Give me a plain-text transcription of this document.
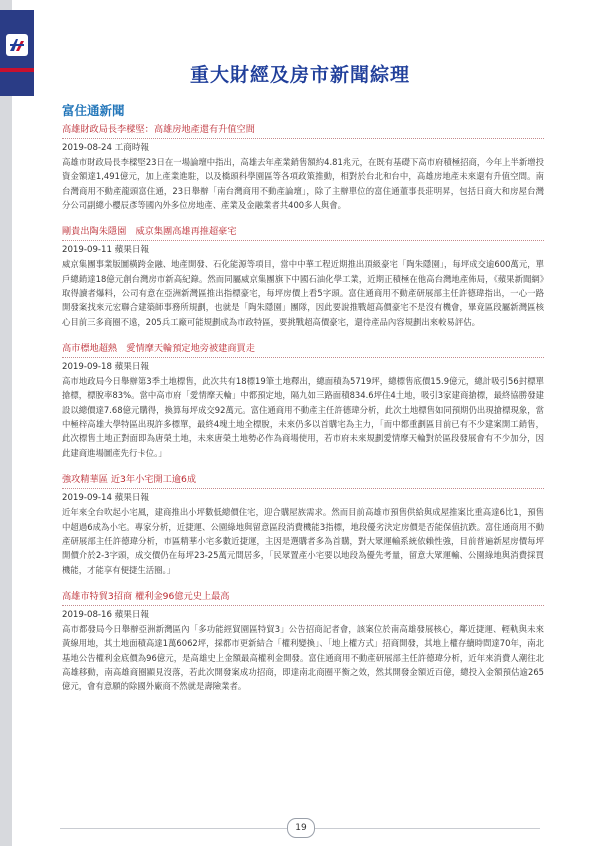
重大財經及房市新聞綜理
富住通新聞
高雄財政局長李樑堅：高雄房地產還有升值空間
2019-08-24 工商時報
高雄市財政局長李樑堅23日在一場論壇中指出，高雄去年產業銷售額約4.81兆元，在既有基礎下高市府積極招商，今年上半新增投資金額達1,491億元，加上產業進駐，以及橋頭科學園區等各項政策推動，相對於台北和台中，高雄房地產未來還有升值空間。南台灣商用不動產龍頭富住通，23日舉辦「南台灣商用不動產論壇」，除了主辦單位的富住通董事長莊明昇，包括日商大和房屋台灣分公司副總小櫻辰彥等國內外多位房地產、產業及金融業者共400多人與會。
剛貴出陶朱隱園　威京集團高雄再推超豪宅
2019-09-11 蘋果日報
威京集團事業版圖橫跨金融、地產開發、石化能源等項目，當中中華工程近期推出頂級豪宅「陶朱隱園」，每坪成交逾600萬元，單戶總銷達18億元創台灣房市新高紀錄。然而同屬威京集團旗下中國石油化學工業，近期正積極在他高台灣地產佈局，《蘋果新聞網》取得讀者爆料，公司有意在亞洲新灣區推出指標豪宅，每坪房價上看5字頭。富住通商用不動產研展部主任許德瑋指出，一心一路開發案找來元宏聯合建築師事務所規劃，也就是「陶朱隱園」團隊，因此要說推戰超高價豪宅不是沒有機會，畢竟區段屬新灣區核心目前三多商圈不遠，205兵工廠可能規劃成為市政特區，要挑戰超高價豪宅，還待產品內容規劃出來較易評估。
高市標地超熱　愛情摩天輪預定地旁被建商買走
2019-09-18 蘋果日報
高市地政局今日舉辦第3季土地標售，此次共有18標19筆土地釋出，總面積為5719坪，總標售底價15.9億元，總計吸引56封標單搶標，標脫率83%。當中高市府「愛情摩天輪」中都預定地，隔九如三路面積834.6坪住4土地，吸引3家建商搶標，最終協勝發建設以總價達7.68億元購得，換算每坪成交92萬元。富住通商用不動產主任許德瑋分析，此次土地標售如同預期仍出現搶標現象，當中極梓高雄大學特區出現許多標單，最終4塊土地全標脫，未來仍多以首購宅為主力，「而中都重劃區目前已有不少建案開工銷售，此次標售土地正對面即為唐榮土地，未來唐榮土地勢必作為商場使用，若市府未來規劃愛情摩天輪對於區段發展會有不少加分，因此建商進場圖產先行卡位。」
強攻精華區 近3年小宅開工逾6成
2019-09-14 蘋果日報
近年來全台吹起小宅風，建商推出小坪數低總價住宅，迎合購屋族需求。然而目前高雄市預售供給與成屋推案比重高達6比1，預售中超過6成為小宅。專家分析，近捷運、公園綠地與留意區段消費機能3指標，地段優劣決定房價是否能保值抗跌。富住通商用不動產研展部主任許德瑋分析，市區精華小宅多數近捷運，主因是選購者多為首購，對大眾運輸系統依賴性強，目前普遍新屋房價每坪開價介於2-3字頭，成交價仍在每坪23-25萬元間居多，「民眾置產小宅要以地段為優先考量，留意大眾運輸、公園綠地與消費採買機能，才能享有便捷生活圈。」
高雄市特貿3招商 權利金96億元史上最高
2019-08-16 蘋果日報
高市都發局今日舉辦亞洲新灣區內「多功能經貿園區特貿3」公告招商記者會，該案位於南高雄發展核心，鄰近捷運、輕軌與未來黃線用地，其土地面積高達1萬6062坪，採都市更新結合「權利變換」、「地上權方式」招商開發，其地上權存續時間達70年，南北基地公告權利金底價為96億元，是高雄史上金額最高權利金開發。富住通商用不動產研展部主任許德瑋分析，近年來消費人潮往北高雄移動，南高雄商圈顯見沒落，若此次開發案成功招商，即達南北商圈平衡之效，然其開發金額近百億，總投入金額預估逾265億元，會有意願的除國外廠商不然就是壽險業者。
19
